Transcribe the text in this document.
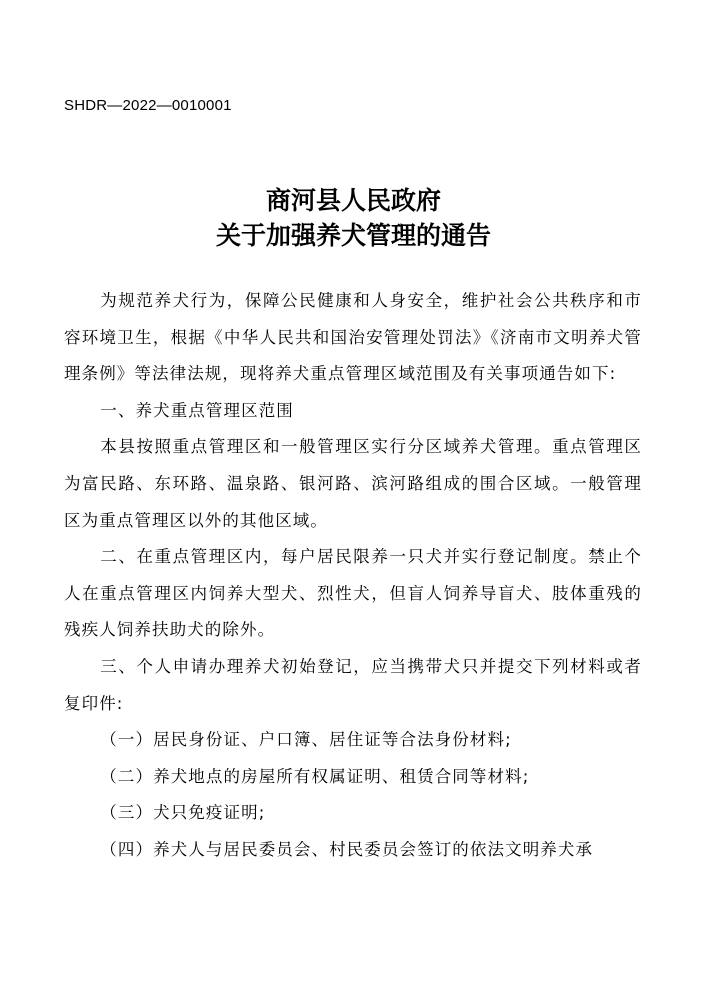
SHDR—2022—0010001
商河县人民政府
关于加强养犬管理的通告

为规范养犬行为，保障公民健康和人身安全，维护社会公共秩序和市容环境卫生，根据《中华人民共和国治安管理处罚法》《济南市文明养犬管理条例》等法律法规，现将养犬重点管理区域范围及有关事项通告如下:

一、养犬重点管理区范围

本县按照重点管理区和一般管理区实行分区域养犬管理。重点管理区为富民路、东环路、温泉路、银河路、滨河路组成的围合区域。一般管理区为重点管理区以外的其他区域。

二、在重点管理区内，每户居民限养一只犬并实行登记制度。禁止个人在重点管理区内饲养大型犬、烈性犬，但盲人饲养导盲犬、肢体重残的残疾人饲养扶助犬的除外。

三、个人申请办理养犬初始登记，应当携带犬只并提交下列材料或者复印件:

（一）居民身份证、户口簿、居住证等合法身份材料;

（二）养犬地点的房屋所有权属证明、租赁合同等材料;

（三）犬只免疫证明;

（四）养犬人与居民委员会、村民委员会签订的依法文明养犬承
